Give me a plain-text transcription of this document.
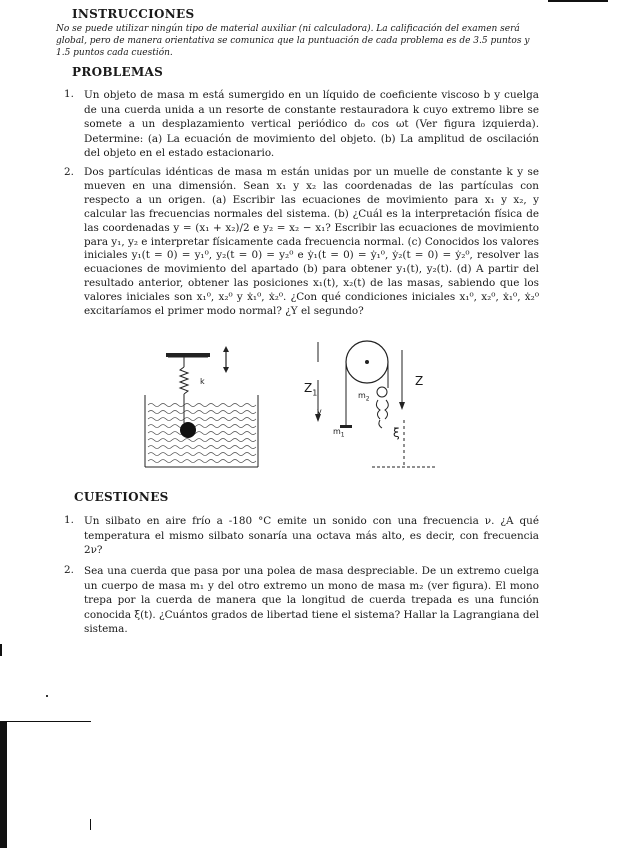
INSTRUCCIONES
No se puede utilizar ningún tipo de material auxiliar (ni calculadora). La calificación del examen será global, pero de manera orientativa se comunica que la puntuación de cada problema es de 3.5 puntos y 1.5 puntos cada cuestión.
PROBLEMAS
1. Un objeto de masa m está sumergido en un líquido de coeficiente viscoso b y cuelga de una cuerda unida a un resorte de constante restauradora k cuyo extremo libre se somete a un desplazamiento vertical periódico d₀ cos ωt (Ver figura izquierda). Determine: (a) La ecuación de movimiento del objeto. (b) La amplitud de oscilación del objeto en el estado estacionario.
2. Dos partículas idénticas de masa m están unidas por un muelle de constante k y se mueven en una dimensión. Sean x₁ y x₂ las coordenadas de las partículas con respecto a un origen. (a) Escribir las ecuaciones de movimiento para x₁ y x₂, y calcular las frecuencias normales del sistema. (b) ¿Cuál es la interpretación física de las coordenadas y = (x₁ + x₂)/2 e y₂ = x₂ − x₁? Escribir las ecuaciones de movimiento para y₁, y₂ e interpretar físicamente cada frecuencia normal. (c) Conocidos los valores iniciales y₁(t = 0) = y₁⁰, y₂(t = 0) = y₂⁰ e ẏ₁(t = 0) = ẏ₁⁰, ẏ₂(t = 0) = ẏ₂⁰, resolver las ecuaciones de movimiento del apartado (b) para obtener y₁(t), y₂(t). (d) A partir del resultado anterior, obtener las posiciones x₁(t), x₂(t) de las masas, sabiendo que los valores iniciales son x₁⁰, x₂⁰ y ẋ₁⁰, ẋ₂⁰. ¿Con qué condiciones iniciales x₁⁰, x₂⁰, ẋ₁⁰, ẋ₂⁰ excitaríamos el primer modo normal? ¿Y el segundo?
k	$Z_1$
Z
v
$m_1$
$m_2$
ξ
CUESTIONES
1. Un silbato en aire frío a -180 °C emite un sonido con una frecuencia ν. ¿A qué temperatura el mismo silbato sonaría una octava más alto, es decir, con frecuencia 2ν?
2. Sea una cuerda que pasa por una polea de masa despreciable. De un extremo cuelga un cuerpo de masa m₁ y del otro extremo un mono de masa m₂ (ver figura). El mono trepa por la cuerda de manera que la longitud de cuerda trepada es una función conocida ξ(t). ¿Cuántos grados de libertad tiene el sistema? Hallar la Lagrangiana del sistema.
